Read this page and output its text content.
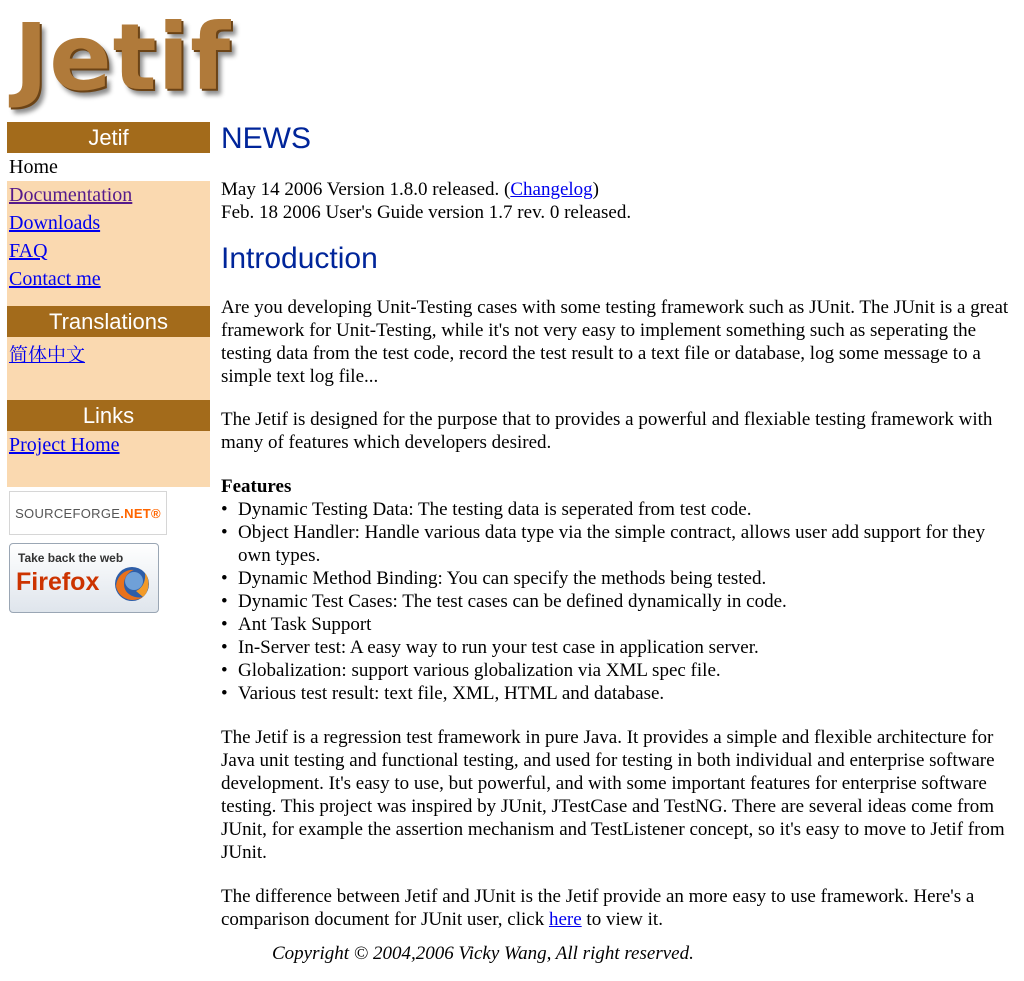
Jetif
Jetif
Home
Documentation
Downloads
FAQ
Contact me
Translations
简体中文
Links
Project Home
SOURCEFORGE.NET®
Take back the web
Firefox
NEWS

May 14 2006 Version 1.8.0 released. (Changelog)

Feb. 18 2006 User's Guide version 1.7 rev. 0 released.

Introduction

Are you developing Unit-Testing cases with some testing framework such as JUnit. The JUnit is a great framework for Unit-Testing, while it's not very easy to implement something such as seperating the testing data from the test code, record the test result to a text file or database, log some message to a simple text log file...

The Jetif is designed for the purpose that to provides a powerful and flexiable testing framework with many of features which developers desired.

Features

• Dynamic Testing Data: The testing data is seperated from test code.
• Object Handler: Handle various data type via the simple contract, allows user add support for they own types.
• Dynamic Method Binding: You can specify the methods being tested.
• Dynamic Test Cases: The test cases can be defined dynamically in code.
• Ant Task Support
• In-Server test: A easy way to run your test case in application server.
• Globalization: support various globalization via XML spec file.
• Various test result: text file, XML, HTML and database.

The Jetif is a regression test framework in pure Java. It provides a simple and flexible architecture for Java unit testing and functional testing, and used for testing in both individual and enterprise software development. It's easy to use, but powerful, and with some important features for enterprise software testing. This project was inspired by JUnit, JTestCase and TestNG. There are several ideas come from JUnit, for example the assertion mechanism and TestListener concept, so it's easy to move to Jetif from JUnit.

The difference between Jetif and JUnit is the Jetif provide an more easy to use framework. Here's a comparison document for JUnit user, click here to view it.

Copyright © 2004,2006 Vicky Wang, All right reserved.
